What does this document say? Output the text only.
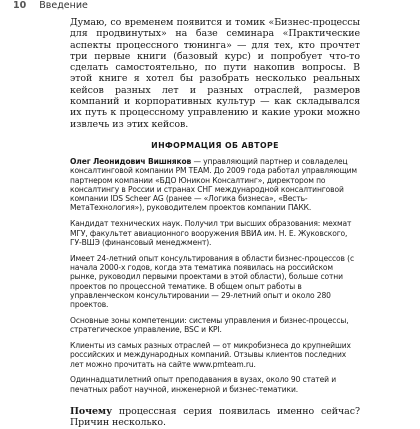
10 Введение

Думаю, со временем появится и томик «Бизнес-процессы для продвинутых» на базе семинара «Практические аспекты процессного тюнинга» — для тех, кто прочтет три первые книги (базовый курс) и попробует что-то сделать самостоятельно, по пути накопив вопросы. В этой книге я хотел бы разобрать несколько реальных кейсов разных лет и разных отраслей, размеров компаний и корпоративных культур — как складывался их путь к процессному управлению и какие уроки можно извлечь из этих кейсов.

ИНФОРМАЦИЯ ОБ АВТОРЕ

Олег Леонидович Вишняков — управляющий партнер и совладелец консалтинговой компании PM TEAM. До 2009 года работал управляющим партнером компании «БДО Юникон Консалтинг», директором по консалтингу в России и странах СНГ международной консалтинговой компании IDS Scheer AG (ранее — «Логика бизнеса», «Весть-МетаТехнология»), руководителем проектов компании ПАКК.

Кандидат технических наук. Получил три высших образования: мехмат МГУ, факультет авиационного вооружения ВВИА им. Н. Е. Жуковского, ГУ-ВШЭ (финансовый менеджмент).

Имеет 24-летний опыт консультирования в области бизнес-процессов (с начала 2000-х годов, когда эта тематика появилась на российском рынке, руководил первыми проектами в этой области), больше сотни проектов по процессной тематике. В общем опыт работы в управленческом консультировании — 29-летний опыт и около 280 проектов.

Основные зоны компетенции: системы управления и бизнес-процессы, стратегическое управление, BSC и KPI.

Клиенты из самых разных отраслей — от микробизнеса до крупнейших российских и международных компаний. Отзывы клиентов последних лет можно прочитать на сайте www.pmteam.ru.

Одиннадцатилетний опыт преподавания в вузах, около 90 статей и печатных работ научной, инженерной и бизнес-тематики.

Почему процессная серия появилась именно сейчас? Причин несколько.
